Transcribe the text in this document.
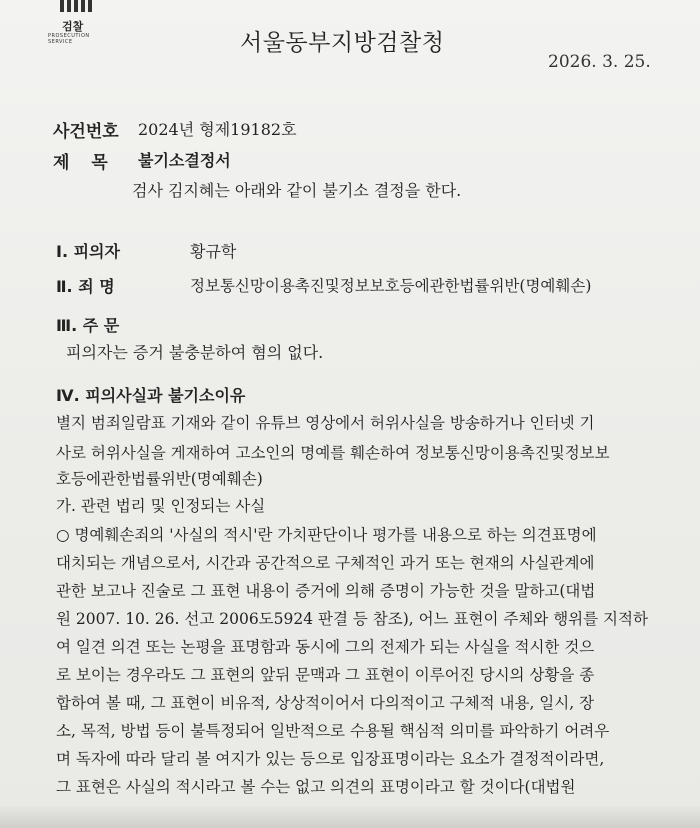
검찰
PROSECUTION SERVICE	서울동부지방검찰청
2026. 3. 25.
사건번호 2024년 형제19182호
제 목 불기소결정서
검사 김지혜는 아래와 같이 불기소 결정을 한다.
Ⅰ. 피의자	황규학
Ⅱ. 죄 명	정보통신망이용촉진및정보보호등에관한법률위반(명예훼손)
Ⅲ. 주 문
피의자는 증거 불충분하여 혐의 없다.
Ⅳ. 피의사실과 불기소이유
별지 범죄일람표 기재와 같이 유튜브 영상에서 허위사실을 방송하거나 인터넷 기
사로 허위사실을 게재하여 고소인의 명예를 훼손하여 정보통신망이용촉진및정보보
호등에관한법률위반(명예훼손)
가. 관련 법리 및 인정되는 사실
○ 명예훼손죄의 '사실의 적시'란 가치판단이나 평가를 내용으로 하는 의견표명에
대치되는 개념으로서, 시간과 공간적으로 구체적인 과거 또는 현재의 사실관계에
관한 보고나 진술로 그 표현 내용이 증거에 의해 증명이 가능한 것을 말하고(대법
원 2007. 10. 26. 선고 2006도5924 판결 등 참조), 어느 표현이 주체와 행위를 지적하
여 일견 의견 또는 논평을 표명함과 동시에 그의 전제가 되는 사실을 적시한 것으
로 보이는 경우라도 그 표현의 앞뒤 문맥과 그 표현이 이루어진 당시의 상황을 종
합하여 볼 때, 그 표현이 비유적, 상상적이어서 다의적이고 구체적 내용, 일시, 장
소, 목적, 방법 등이 불특정되어 일반적으로 수용될 핵심적 의미를 파악하기 어려우
며 독자에 따라 달리 볼 여지가 있는 등으로 입장표명이라는 요소가 결정적이라면,
그 표현은 사실의 적시라고 볼 수는 없고 의견의 표명이라고 할 것이다(대법원
